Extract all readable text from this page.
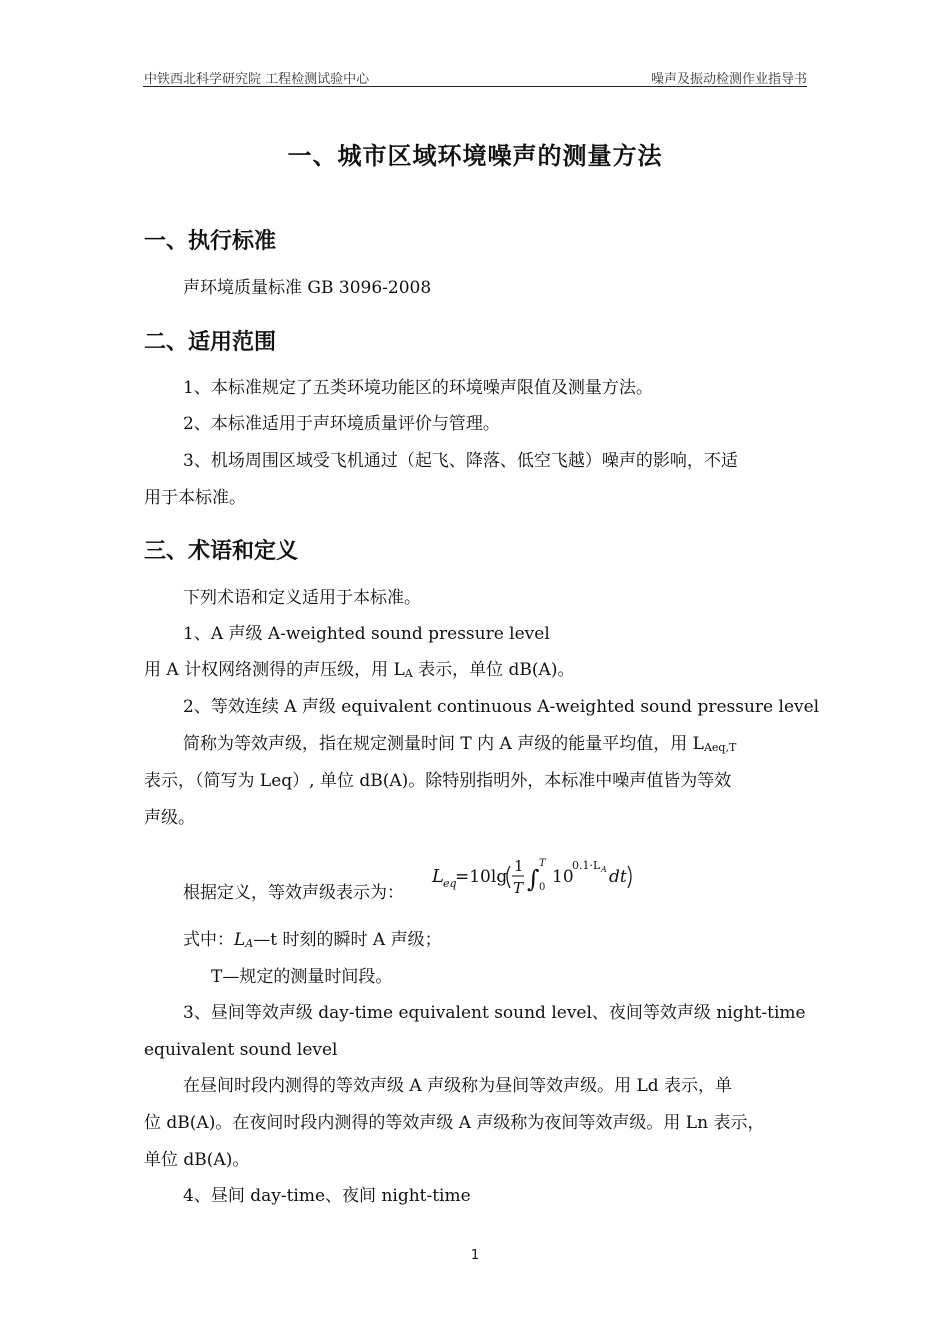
中铁西北科学研究院 工程检测试验中心	噪声及振动检测作业指导书
一、城市区域环境噪声的测量方法
一、执行标准
声环境质量标准 GB 3096-2008
二、适用范围
1、本标准规定了五类环境功能区的环境噪声限值及测量方法。
2、本标准适用于声环境质量评价与管理。
3、机场周围区域受飞机通过（起飞、降落、低空飞越）噪声的影响，不适
用于本标准。
三、术语和定义
下列术语和定义适用于本标准。
1、A 声级 A-weighted sound pressure level
用 A 计权网络测得的声压级，用 LA 表示，单位 dB(A)。
2、等效连续 A 声级 equivalent continuous A-weighted sound pressure level
简称为等效声级，指在规定测量时间 T 内 A 声级的能量平均值，用 LAeq,T
表示，（简写为 Leq）, 单位 dB(A)。除特别指明外，本标准中噪声值皆为等效
声级。
根据定义，等效声级表示为：
L eq
=10lg
1
T ∫
T
0
10
0.1·L A dt
式中：LA—t 时刻的瞬时 A 声级；
T—规定的测量时间段。
3、昼间等效声级 day-time equivalent sound level、夜间等效声级 night-time
equivalent sound level
在昼间时段内测得的等效声级 A 声级称为昼间等效声级。用 Ld 表示，单
位 dB(A)。在夜间时段内测得的等效声级 A 声级称为夜间等效声级。用 Ln 表示，
单位 dB(A)。
4、昼间 day-time、夜间 night-time
1
